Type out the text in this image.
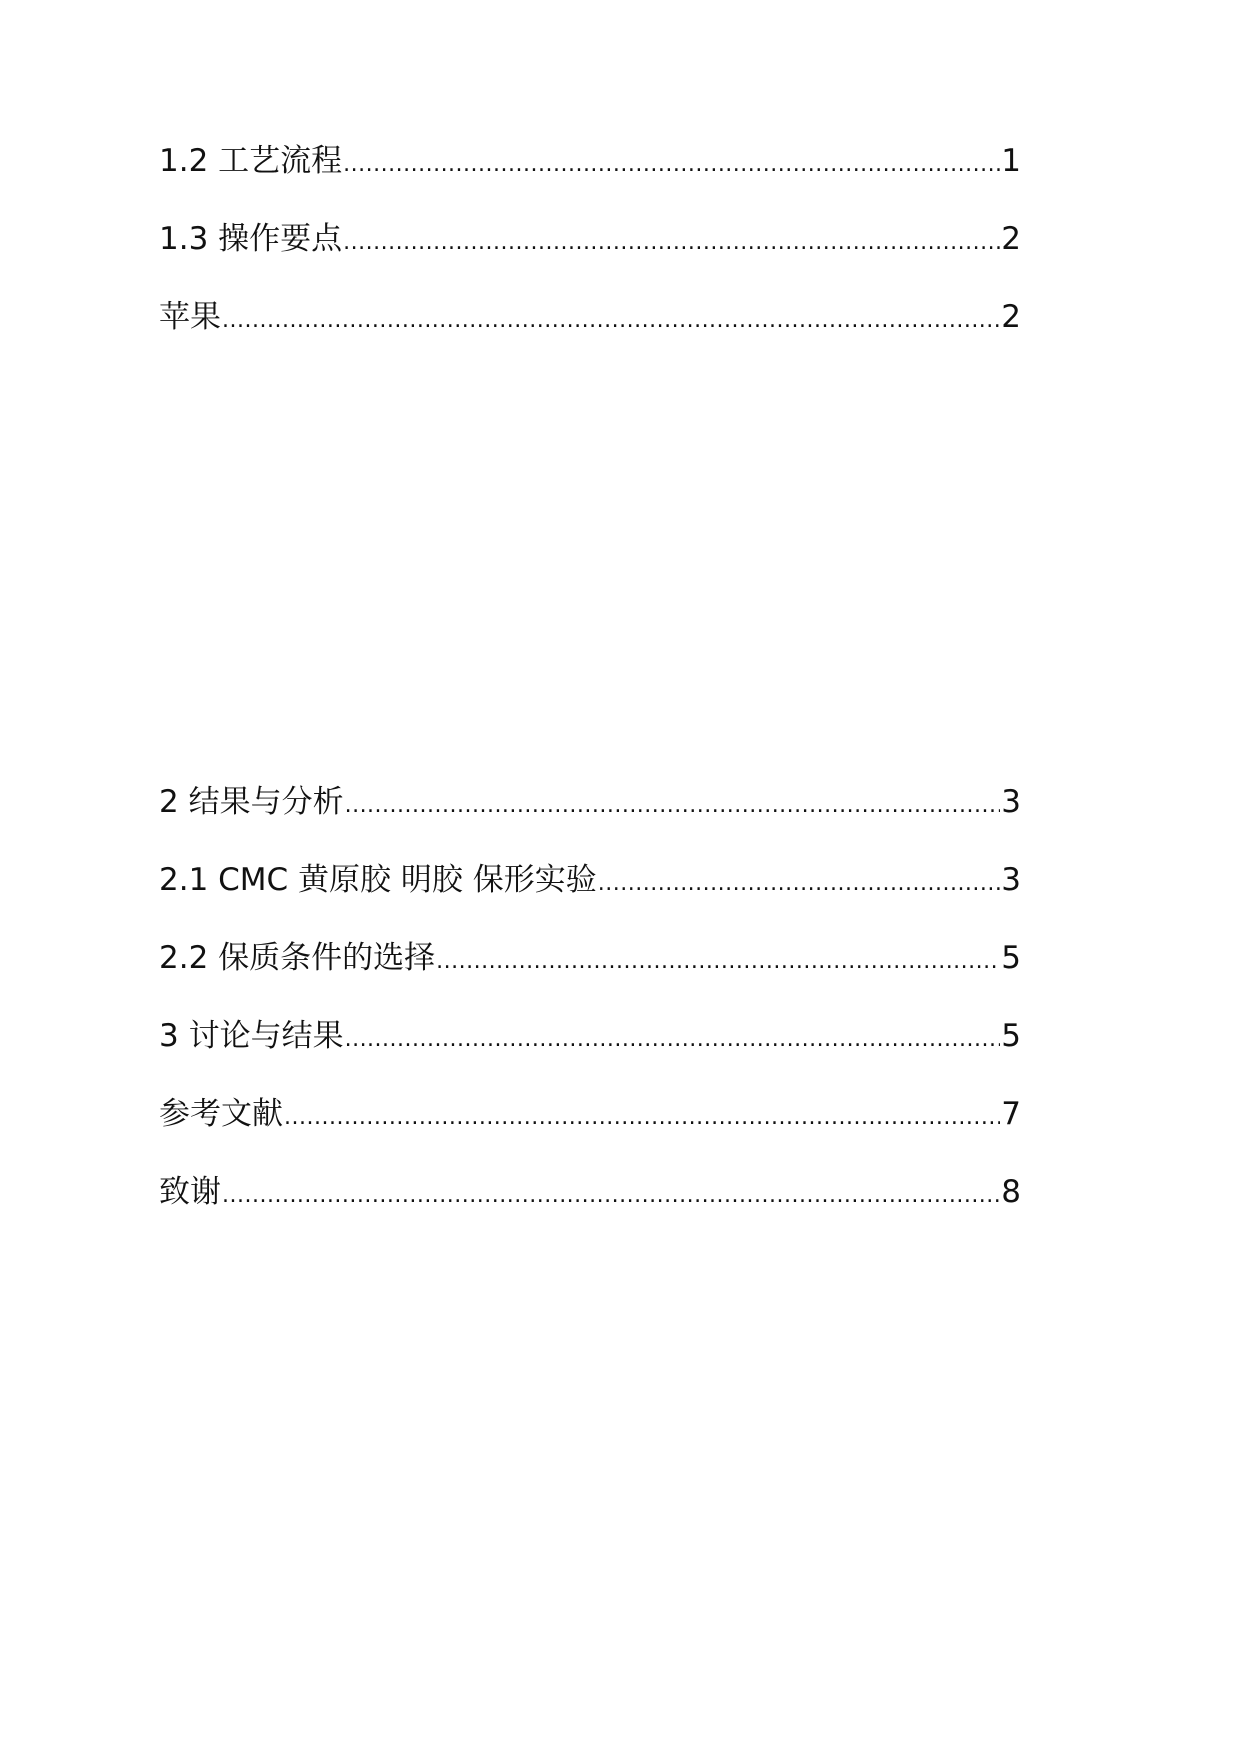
1.2 工艺流程 .....	1
1.3 操作要点 .....	2
苹果 .....	2
2 结果与分析 .....	3
2.1 CMC 黄原胶 明胶 保形实验 .....	3
2.2 保质条件的选择 .....	5
3 讨论与结果 .....	5
参考文献 .....	7
致谢 .....	8
